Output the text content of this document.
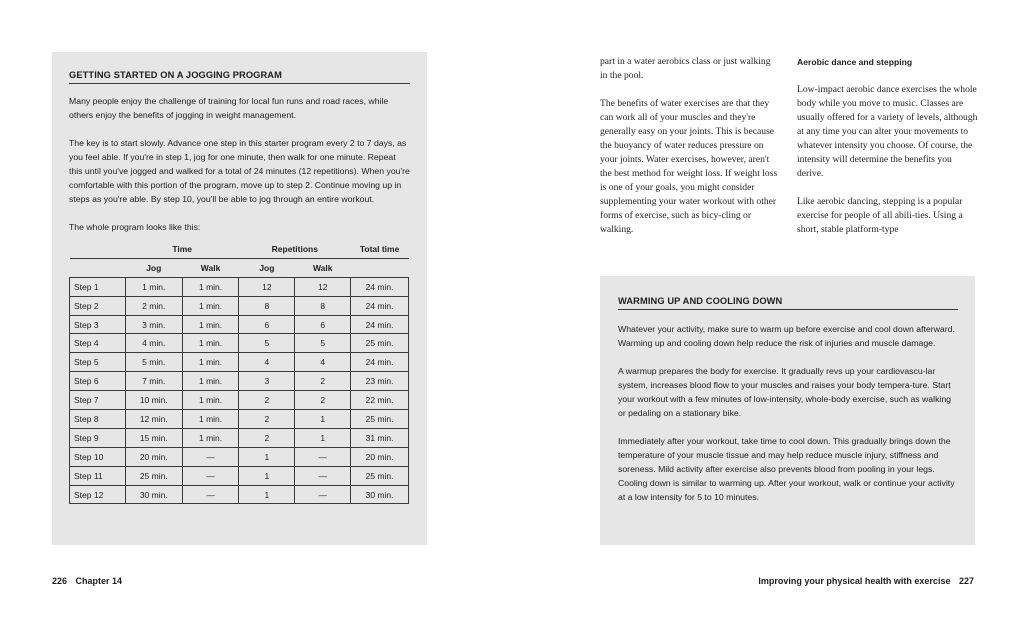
GETTING STARTED ON A JOGGING PROGRAM

Many people enjoy the challenge of training for local fun runs and road races, while others enjoy the benefits of jogging in weight management.

The key is to start slowly. Advance one step in this starter program every 2 to 7 days, as you feel able. If you're in step 1, jog for one minute, then walk for one minute. Repeat this until you've jogged and walked for a total of 24 minutes (12 repetitions). When you're comfortable with this portion of the program, move up to step 2. Continue moving up in steps as you're able. By step 10, you'll be able to jog through an entire workout.

The whole program looks like this:

	Time		Repetitions		Total time
	Jog	Walk	Jog	Walk	
Step 1	1 min.	1 min.	12	12	24 min.
Step 2	2 min.	1 min.	8	8	24 min.
Step 3	3 min.	1 min.	6	6	24 min.
Step 4	4 min.	1 min.	5	5	25 min.
Step 5	5 min.	1 min.	4	4	24 min.
Step 6	7 min.	1 min.	3	2	23 min.
Step 7	10 min.	1 min.	2	2	22 min.
Step 8	12 min.	1 min.	2	1	25 min.
Step 9	15 min.	1 min.	2	1	31 min.
Step 10	20 min.	—	1	—	20 min.
Step 11	25 min.	—	1	—	25 min.
Step 12	30 min.	—	1	—	30 min.

part in a water aerobics class or just walking in the pool.

The benefits of water exercises are that they can work all of your muscles and they're generally easy on your joints. This is because the buoyancy of water reduces pressure on your joints. Water exercises, however, aren't the best method for weight loss. If weight loss is one of your goals, you might consider supplementing your water workout with other forms of exercise, such as bicy-cling or walking.

Aerobic dance and stepping

Low-impact aerobic dance exercises the whole body while you move to music. Classes are usually offered for a variety of levels, although at any time you can alter your movements to whatever intensity you choose. Of course, the intensity will determine the benefits you derive.

Like aerobic dancing, stepping is a popular exercise for people of all abili-ties. Using a short, stable platform-type

WARMING UP AND COOLING DOWN

Whatever your activity, make sure to warm up before exercise and cool down afterward. Warming up and cooling down help reduce the risk of injuries and muscle damage.

A warmup prepares the body for exercise. It gradually revs up your cardiovascu-lar system, increases blood flow to your muscles and raises your body tempera-ture. Start your workout with a few minutes of low-intensity, whole-body exercise, such as walking or pedaling on a stationary bike.

Immediately after your workout, take time to cool down. This gradually brings down the temperature of your muscle tissue and may help reduce muscle injury, stiffness and soreness. Mild activity after exercise also prevents blood from pooling in your legs. Cooling down is similar to warming up. After your workout, walk or continue your activity at a low intensity for 5 to 10 minutes.

226 Chapter 14	Improving your physical health with exercise 227
